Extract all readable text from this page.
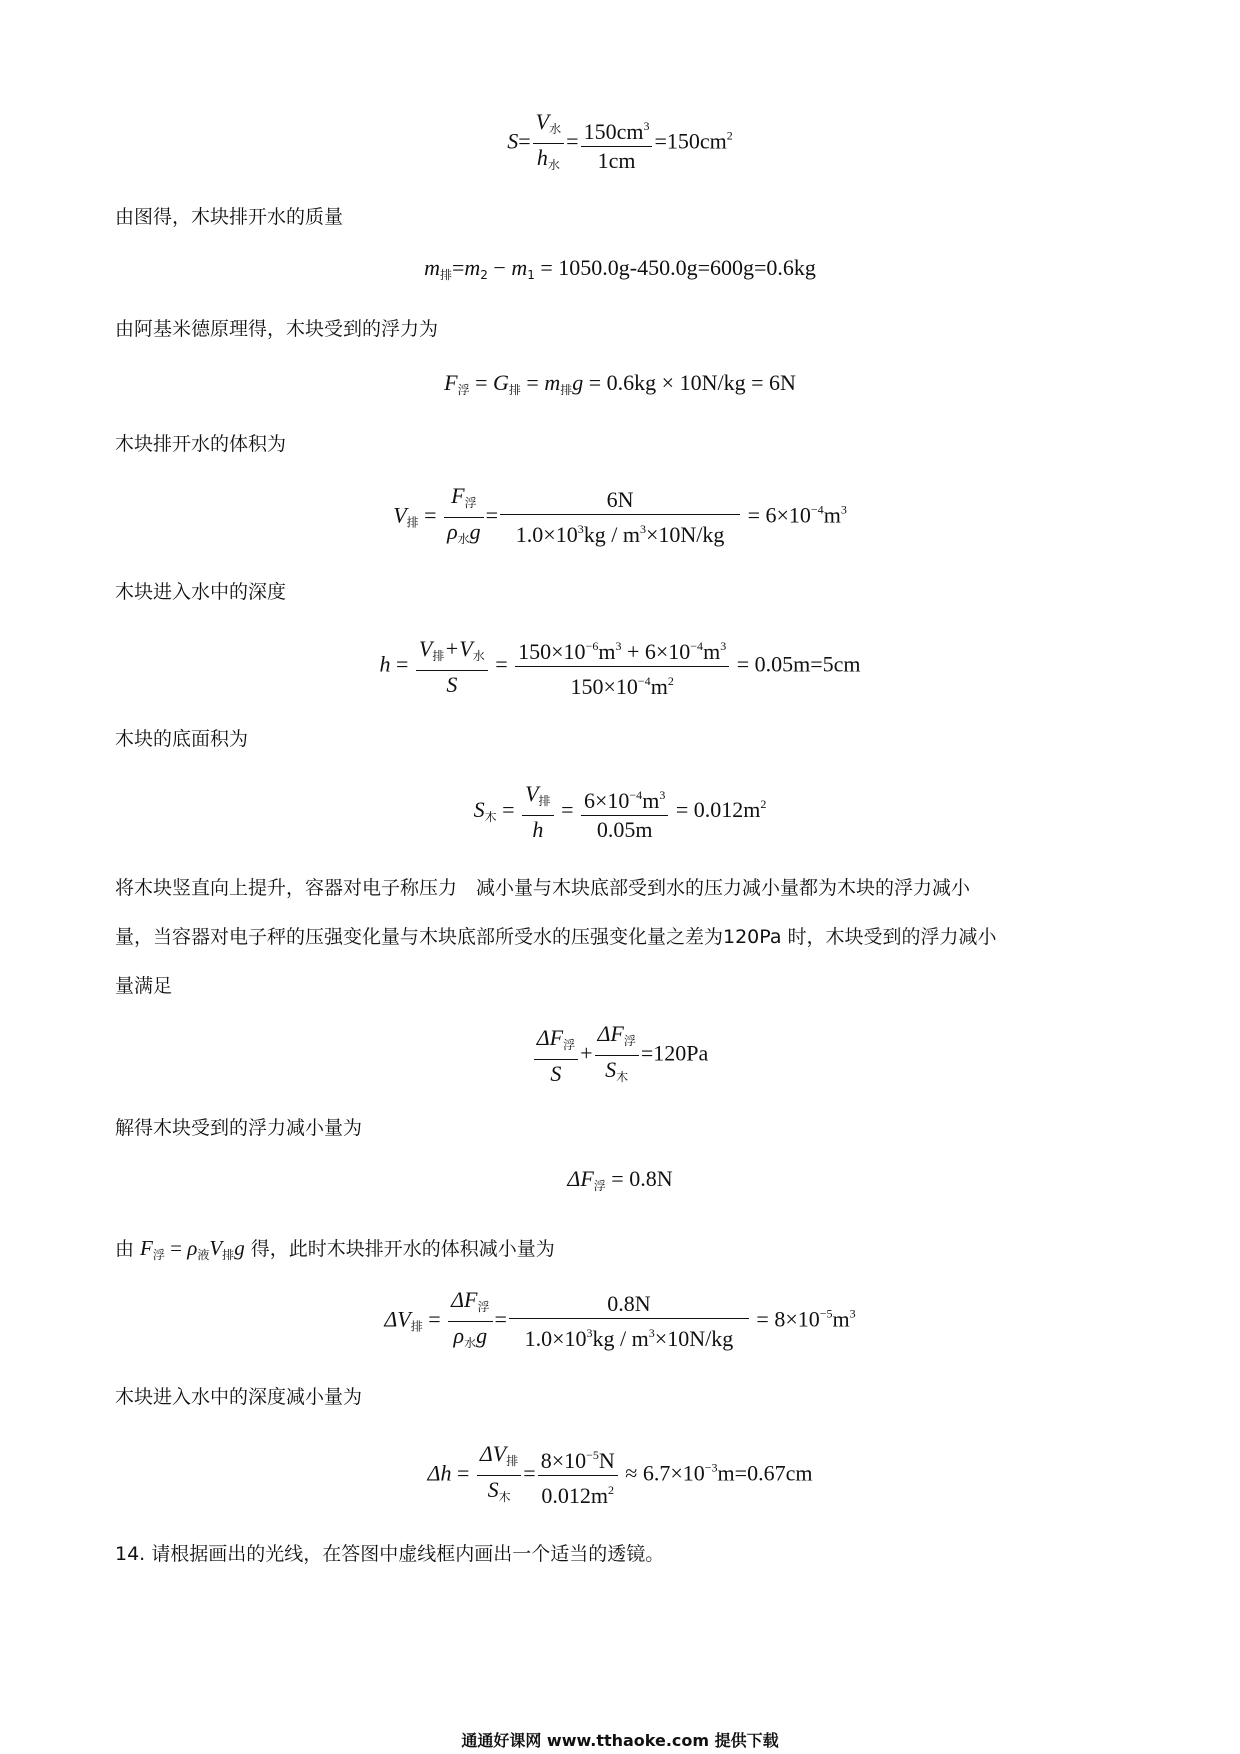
$S= \frac{V_水}{h_水} = \frac{150cm^3}{1cm} =150cm^2$
由图得，木块排开水的质量
$m_排=m_2 - m_1 = 1050.0g-450.0g=600g=0.6kg$
由阿基米德原理得，木块受到的浮力为
$F_浮 = G_排 = m_排g = 0.6kg \times 10N/kg = 6N$
木块排开水的体积为
$V_排 = \frac{F_浮}{\rho_水g} = \frac{6N}{1.0\times 10^3kg / m^3\times 10N/kg} = 6\times 10^{-4}m^3$
木块进入水中的深度
$h = \frac{V_排+V_水}{S} = \frac{150\times 10^{-6}m^3 + 6\times 10^{-4}m^3}{150\times 10^{-4}m^2} = 0.05m=5cm$
木块的底面积为
$S_木 = \frac{V_排}{h} = \frac{6\times 10^{-4}m^3}{0.05m} = 0.012m^2$
将木块竖直向上提升，容器对电子称压力　减小量与木块底部受到水的压力减小量都为木块的浮力减小
量，当容器对电子秤的压强变化量与木块底部所受水的压强变化量之差为120Pa 时，木块受到的浮力减小
量满足
$\frac{\Delta F_浮}{S} + \frac{\Delta F_浮}{S_木} =120Pa$
解得木块受到的浮力减小量为
$\Delta F_浮 = 0.8N$
由 $F_浮 = \rho_液V_排g$ 得，此时木块排开水的体积减小量为
$\Delta V_排 = \frac{\Delta F_浮}{\rho_水g} = \frac{0.8N}{1.0\times 10^3kg / m^3\times 10N/kg} = 8\times 10^{-5}m^3$
木块进入水中的深度减小量为
$\Delta h = \frac{\Delta V_排}{S_木} = \frac{8\times 10^{-5}N}{0.012m^2} \approx 6.7\times 10^{-3}m=0.67cm$
14. 请根据画出的光线，在答图中虚线框内画出一个适当的透镜。
通通好课网 www.tthaoke.com 提供下载
